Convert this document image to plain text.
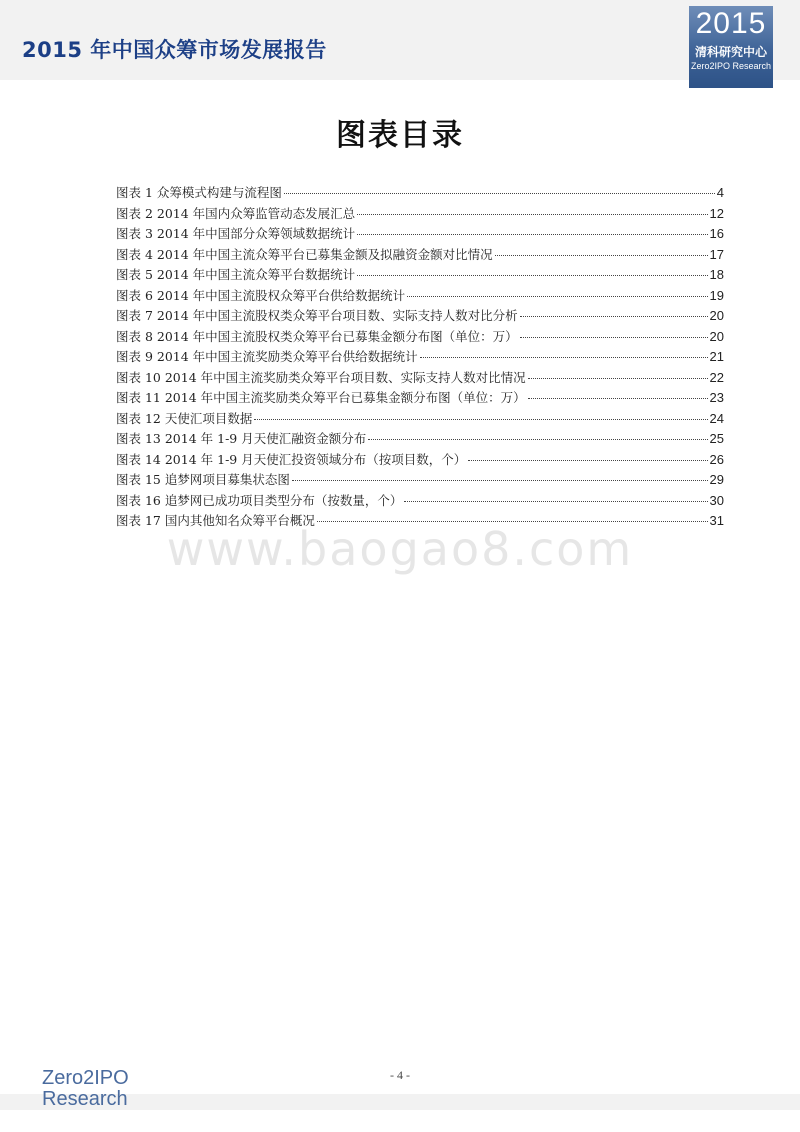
2015 年中国众筹市场发展报告
2015
清科研究中心
Zero2IPO Research
图表目录
图表 1 众筹模式构建与流程图	4
图表 2 2014 年国内众筹监管动态发展汇总	12
图表 3 2014 年中国部分众筹领域数据统计	16
图表 4 2014 年中国主流众筹平台已募集金额及拟融资金额对比情况	17
图表 5 2014 年中国主流众筹平台数据统计	18
图表 6 2014 年中国主流股权众筹平台供给数据统计	19
图表 7 2014 年中国主流股权类众筹平台项目数、实际支持人数对比分析	20
图表 8 2014 年中国主流股权类众筹平台已募集金额分布图（单位：万）	20
图表 9 2014 年中国主流奖励类众筹平台供给数据统计	21
图表 10 2014 年中国主流奖励类众筹平台项目数、实际支持人数对比情况	22
图表 11 2014 年中国主流奖励类众筹平台已募集金额分布图（单位：万）	23
图表 12 天使汇项目数据	24
图表 13 2014 年 1-9 月天使汇融资金额分布	25
图表 14 2014 年 1-9 月天使汇投资领域分布（按项目数，个）	26
图表 15 追梦网项目募集状态图	29
图表 16 追梦网已成功项目类型分布（按数量，个）	30
图表 17 国内其他知名众筹平台概况	31
www.baogao8.com
- 4 -
Zero2IPO
Research
